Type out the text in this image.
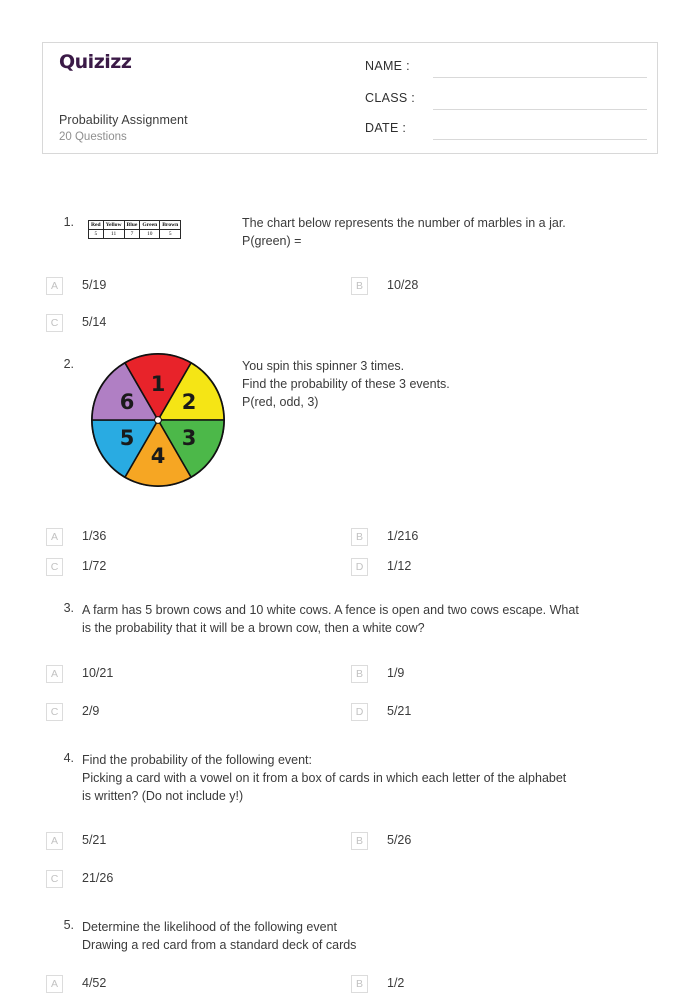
Quizizz
Probability Assignment
20 Questions
NAME :
CLASS :
DATE :
1.	Red	Yellow	Blue	Green	Brown
5	11	7	10	5
The chart below represents the number of marbles in a jar.
P(green) =
A	5/19	B	10/28
C	5/14
2.
1
2
3
4
5
6
You spin this spinner 3 times.
Find the probability of these 3 events.
P(red, odd, 3)
A	1/36	B	1/216
C	1/72	D	1/12
3. A farm has 5 brown cows and 10 white cows. A fence is open and two cows escape. What
is the probability that it will be a brown cow, then a white cow?
A	10/21	B	1/9
C	2/9	D	5/21
4. Find the probability of the following event:
Picking a card with a vowel on it from a box of cards in which each letter of the alphabet
is written? (Do not include y!)
A	5/21	B	5/26
C	21/26
5. Determine the likelihood of the following event
Drawing a red card from a standard deck of cards
A	4/52	B	1/2
